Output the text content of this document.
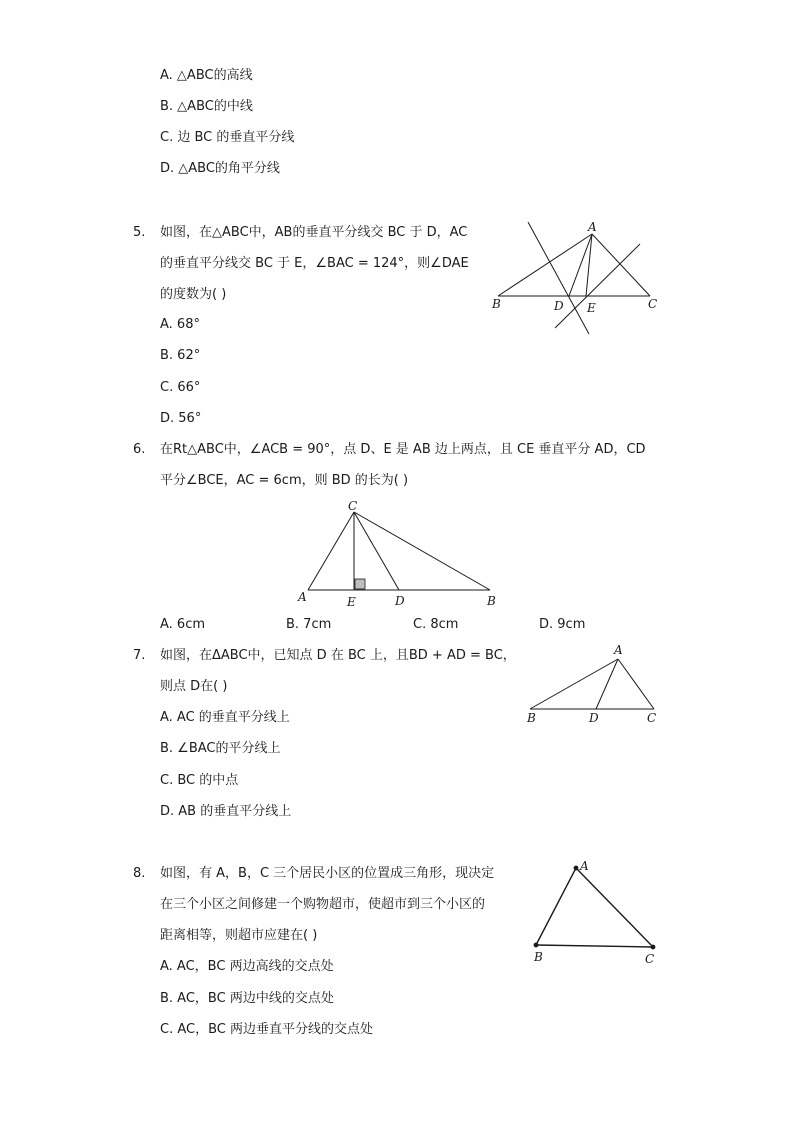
A. △ABC的高线
B. △ABC的中线
C. 边 BC 的垂直平分线
D. △ABC的角平分线
5. 如图，在△ABC中，AB的垂直平分线交 BC 于 D，AC
的垂直平分线交 BC 于 E，∠BAC = 124°，则∠DAE
的度数为( )
A. 68°
B. 62°
C. 66°
D. 56°
A
B	C
D E
6. 在Rt△ABC中，∠ACB = 90°，点 D、E 是 AB 边上两点，且 CE 垂直平分 AD，CD
平分∠BCE，AC = 6cm，则 BD 的长为( )
C
A	E	D	B
A. 6cm	B. 7cm	C. 8cm	D. 9cm
7. 如图，在ΔABC中，已知点 D 在 BC 上，且BD + AD = BC，
则点 D在( )
A. AC 的垂直平分线上
B. ∠BAC的平分线上
C. BC 的中点
D. AB 的垂直平分线上
A
B	D	C
8. 如图，有 A，B，C 三个居民小区的位置成三角形，现决定
在三个小区之间修建一个购物超市，使超市到三个小区的
距离相等，则超市应建在( )
A. AC，BC 两边高线的交点处
B. AC，BC 两边中线的交点处
C. AC，BC 两边垂直平分线的交点处
A
B	C
